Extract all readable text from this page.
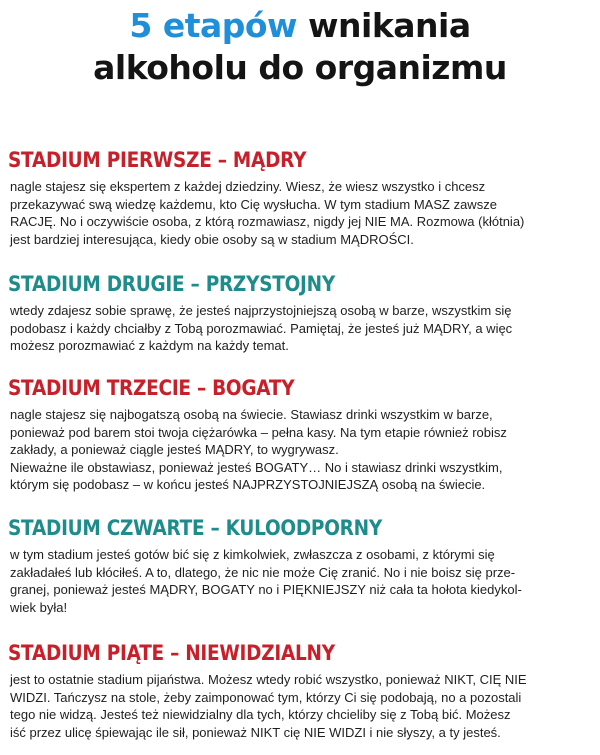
5 etapów wnikania
alkoholu do organizmu
STADIUM PIERWSZE – MĄDRY

nagle stajesz się ekspertem z każdej dziedziny. Wiesz, że wiesz wszystko i chcesz
przekazywać swą wiedzę każdemu, kto Cię wysłucha. W tym stadium MASZ zawsze
RACJĘ. No i oczywiście osoba, z którą rozmawiasz, nigdy jej NIE MA. Rozmowa (kłótnia)
jest bardziej interesująca, kiedy obie osoby są w stadium MĄDROŚCI.

STADIUM DRUGIE – PRZYSTOJNY

wtedy zdajesz sobie sprawę, że jesteś najprzystojniejszą osobą w barze, wszystkim się
podobasz i każdy chciałby z Tobą porozmawiać. Pamiętaj, że jesteś już MĄDRY, a więc
możesz porozmawiać z każdym na każdy temat.

STADIUM TRZECIE – BOGATY

nagle stajesz się najbogatszą osobą na świecie. Stawiasz drinki wszystkim w barze,
ponieważ pod barem stoi twoja ciężarówka – pełna kasy. Na tym etapie również robisz
zakłady, a ponieważ ciągle jesteś MĄDRY, to wygrywasz.
Nieważne ile obstawiasz, ponieważ jesteś BOGATY… No i stawiasz drinki wszystkim,
którym się podobasz – w końcu jesteś NAJPRZYSTOJNIEJSZĄ osobą na świecie.

STADIUM CZWARTE – KULOODPORNY

w tym stadium jesteś gotów bić się z kimkolwiek, zwłaszcza z osobami, z którymi się
zakładałeś lub kłóciłeś. A to, dlatego, że nic nie może Cię zranić. No i nie boisz się prze-
granej, ponieważ jesteś MĄDRY, BOGATY no i PIĘKNIEJSZY niż cała ta hołota kiedykol-
wiek była!

STADIUM PIĄTE – NIEWIDZIALNY

jest to ostatnie stadium pijaństwa. Możesz wtedy robić wszystko, ponieważ NIKT, CIĘ NIE
WIDZI. Tańczysz na stole, żeby zaimponować tym, którzy Ci się podobają, no a pozostali
tego nie widzą. Jesteś też niewidzialny dla tych, którzy chcieliby się z Tobą bić. Możesz
iść przez ulicę śpiewając ile sił, ponieważ NIKT cię NIE WIDZI i nie słyszy, a ty jesteś.
